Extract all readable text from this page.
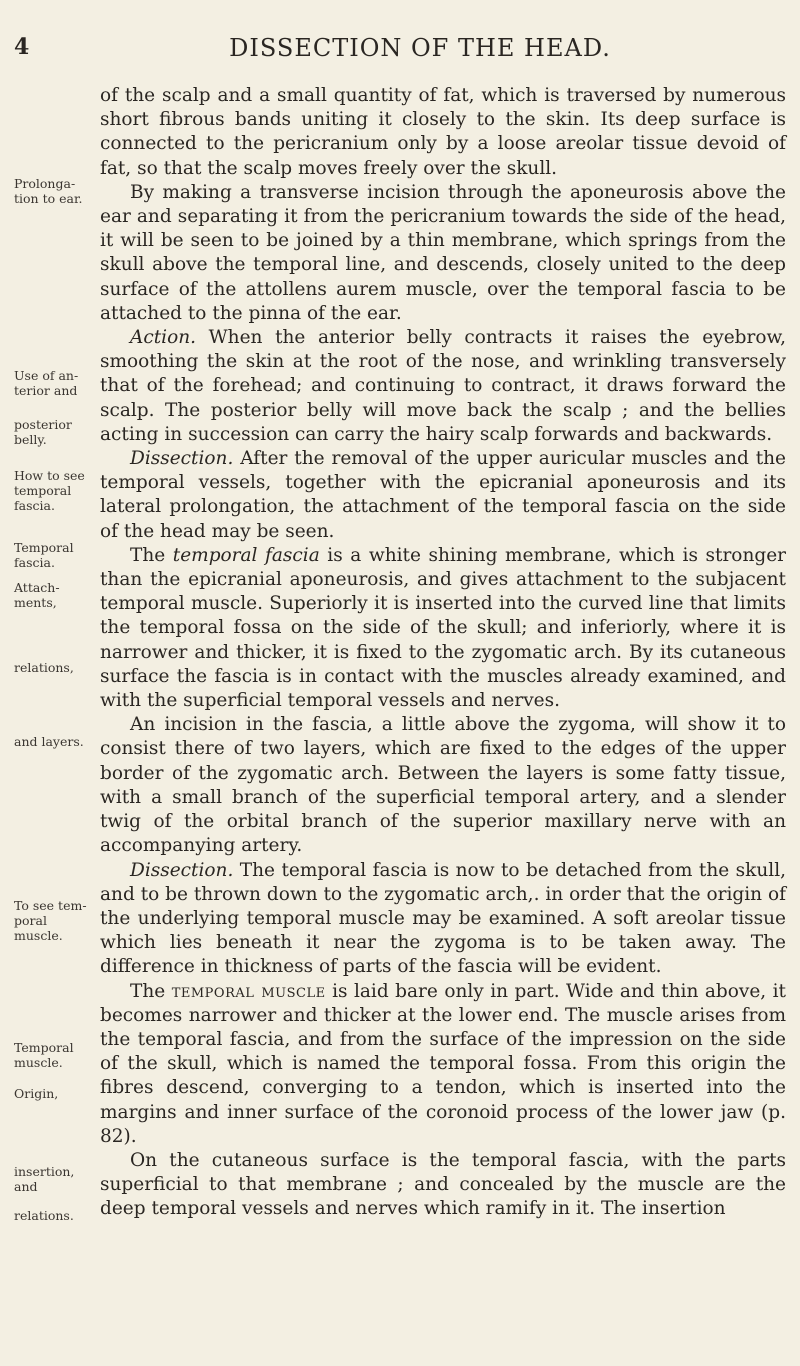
4	DISSECTION OF THE HEAD.
Prolonga-tion to ear.
Use of an-terior and
posterior belly.
How to see temporal fascia.
Temporal fascia.
Attach-ments,
relations,
and layers.
To see tem-poral muscle.
Temporal muscle.
Origin,
insertion, and
relations.

of the scalp and a small quantity of fat, which is traversed by numerous short fibrous bands uniting it closely to the skin. Its deep surface is connected to the pericranium only by a loose areolar tissue devoid of fat, so that the scalp moves freely over the skull.

By making a transverse incision through the aponeurosis above the ear and separating it from the pericranium towards the side of the head, it will be seen to be joined by a thin membrane, which springs from the skull above the temporal line, and descends, closely united to the deep surface of the attollens aurem muscle, over the temporal fascia to be attached to the pinna of the ear.

Action. When the anterior belly contracts it raises the eyebrow, smoothing the skin at the root of the nose, and wrinkling transversely that of the forehead; and continuing to contract, it draws forward the scalp. The posterior belly will move back the scalp ; and the bellies acting in succession can carry the hairy scalp forwards and backwards.

Dissection. After the removal of the upper auricular muscles and the temporal vessels, together with the epicranial aponeurosis and its lateral prolongation, the attachment of the temporal fascia on the side of the head may be seen.

The temporal fascia is a white shining membrane, which is stronger than the epicranial aponeurosis, and gives attachment to the subjacent temporal muscle. Superiorly it is inserted into the curved line that limits the temporal fossa on the side of the skull; and inferiorly, where it is narrower and thicker, it is fixed to the zygomatic arch. By its cutaneous surface the fascia is in contact with the muscles already examined, and with the superficial temporal vessels and nerves.

An incision in the fascia, a little above the zygoma, will show it to consist there of two layers, which are fixed to the edges of the upper border of the zygomatic arch. Between the layers is some fatty tissue, with a small branch of the superficial temporal artery, and a slender twig of the orbital branch of the superior maxillary nerve with an accompanying artery.

Dissection. The temporal fascia is now to be detached from the skull, and to be thrown down to the zygomatic arch,. in order that the origin of the underlying temporal muscle may be examined. A soft areolar tissue which lies beneath it near the zygoma is to be taken away. The difference in thickness of parts of the fascia will be evident.

The temporal muscle is laid bare only in part. Wide and thin above, it becomes narrower and thicker at the lower end. The muscle arises from the temporal fascia, and from the surface of the impression on the side of the skull, which is named the temporal fossa. From this origin the fibres descend, converging to a tendon, which is inserted into the margins and inner surface of the coronoid process of the lower jaw (p. 82).

On the cutaneous surface is the temporal fascia, with the parts superficial to that membrane ; and concealed by the muscle are the deep temporal vessels and nerves which ramify in it. The insertion
